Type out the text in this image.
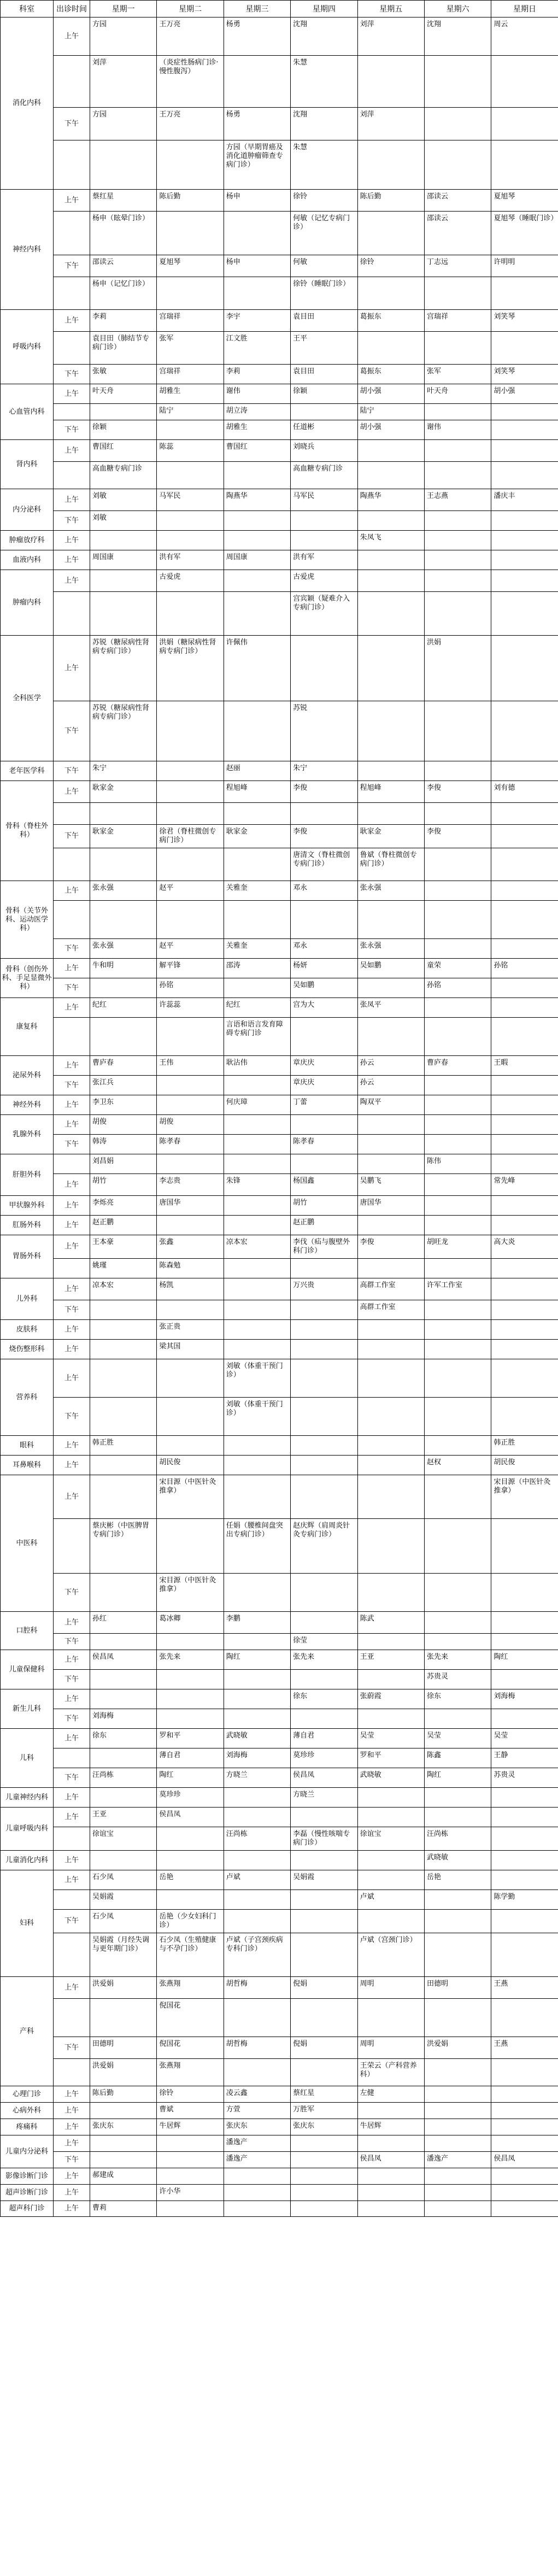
科室	出诊时间	星期一	星期二	星期三	星期四	星期五	星期六	星期日
消化内科	上午	方园	王万亮	杨勇	沈翔	刘萍	沈翔	周云
		刘萍	（炎症性肠病门诊·慢性腹泻）		朱慧			
	下午	方园	王万亮	杨勇	沈翔	刘萍		
				方园（早期胃癌及消化道肿瘤筛查专病门诊）	朱慧			
神经内科	上午	蔡红星	陈后勤	杨申	徐铃	陈后勤	邵读云	夏旭琴
		杨申（眩晕门诊）			何敏（记忆专病门诊）		邵读云	夏旭琴（睡眠门诊）
	下午	邵读云	夏旭琴	杨申	何敏	徐铃	丁志远	许明明
		杨申（记忆门诊）			徐铃（睡眠门诊）			
呼吸内科	上午	李莉	宫瑞祥	李宇	袁目田	葛振东	宫瑞祥	刘笑琴
		袁目田（肺结节专病门诊）	张军	江文胜	王平			
	下午	张敏	宫瑞祥	李莉	袁目田	葛振东	张军	刘笑琴
心血管内科	上午	叶天舟	胡雅生	谢伟	徐颖	胡小强	叶天舟	胡小强
			陆宁	胡立涛		陆宁		
	下午	徐颖		胡雅生	任道彬	胡小强	谢伟	
肾内科	上午	曹国红	陈蕊	曹国红	刘晓兵			
		高血糖专病门诊			高血糖专病门诊			
内分泌科	上午	刘敏	马军民	陶燕华	马军民	陶燕华	王志燕	潘庆丰
	下午	刘敏						
肿瘤放疗科	上午					朱凤飞		
血液内科	上午	周国康	洪有军	周国康	洪有军			
肿瘤内科	上午		古爱虎		古爱虎			
					宫宾颖（疑难介入专病门诊）			
全科医学	上午	苏锐（糖尿病性肾病专病门诊）	洪娟（糖尿病性肾病专病门诊）	许佩伟			洪娟	
	下午	苏锐（糖尿病性肾病专病门诊）			苏锐			
老年医学科	下午	朱宁		赵丽	朱宁			
骨科（脊柱外科）	上午	耿家金		程旭峰	李俊	程旭峰	李俊	刘有德

	下午	耿家金	徐君（脊柱微创专病门诊）	耿家金	李俊	耿家金	李俊	
					唐清文（脊柱微创专病门诊）	鲁斌（脊柱微创专病门诊）		
骨科（关节外科、运动医学科）	上午	张永强	赵平	关雅奎	邓永	张永强		

	下午	张永强	赵平	关雅奎	邓永	张永强		
骨科（创伤外科、手足显微外科）	上午	牛和明	解平锋	邵涛	杨妍	吴如鹏	童荣	孙铭
	下午		孙铭		吴如鹏		孙铭	
康复科	上午	纪红	许蕊蕊	纪红	宫为大	张凤平		
				言语和语言发育障碍专病门诊				
泌尿外科	上午	曹庐春	王伟	耿沾伟	章庆庆	孙云	曹庐春	王暇
	下午	张江兵			章庆庆	孙云		
神经外科	上午	李卫东		何庆璋	丁蕾	陶双平		
乳腺外科	上午	胡俊	胡俊					
	下午	韩涛	陈孝春		陈孝春			
肝胆外科		刘昌娟					陈伟	
	上午	胡竹	李志贵	朱锋	杨国鑫	吴鹏飞		常先峰
甲状腺外科	上午	李烁亮	唐国华		胡竹	唐国华		
肛肠外科	上午	赵正鹏			赵正鹏			
胃肠外科	上午	王本豪	张鑫	凉本宏	李伐（疝与腹壁外科门诊）	李俊	胡旺龙	高大炎
		姚瑾	陈森勉					
儿外科	上午	凉本宏	杨凯		万兴贵	高群工作室	许军工作室	
	下午					高群工作室		
皮肤科	上午		张正贵					
烧伤整形科	上午		梁其国					
营养科	上午			刘敏（体重干预门诊）				
	下午			刘敏（体重干预门诊）				
眼科	上午	韩正胜						韩正胜
耳鼻喉科	上午		胡民俊				赵权	胡民俊
中医科	上午		宋目源（中医针灸推拿）					宋目源（中医针灸推拿）
		蔡庆彬（中医脾胃专病门诊）		任娟（腰椎间盘突出专病门诊）	赵庆辉（肩周炎针灸专病门诊）			
	下午		宋目源（中医针灸推拿）					
口腔科	上午	孙红	葛冰卿	李鹏		陈武		
	下午				徐莹			
儿童保健科	上午	侯昌凤	张先来	陶红	张先来	王亚	张先来	陶红
	下午						苏贵灵	
新生儿科	上午				徐东	张蔚霞	徐东	刘海梅
	下午	刘海梅						
儿科	上午	徐东	罗和平	武晓敏	薄自君	吴莹	吴莹	吴莹
			薄自君	刘海梅	莫珍珍	罗和平	陈鑫	王静
	下午	汪尚栋	陶红	方晓兰	侯昌凤	武晓敏	陶红	苏贵灵
儿童神经内科	上午		莫珍珍		方晓兰			
儿童呼吸内科	上午	王亚	侯昌凤					
		徐谊宝		汪尚栋	李磊（慢性咳喘专病门诊）	徐谊宝	汪尚栋	
儿童消化内科	上午						武晓敏	
妇科	上午	石少凤	岳艳	卢斌	吴娟霞		岳艳	
		吴娟霞				卢斌		陈学勤
	下午	石少凤	岳艳（少女妇科门诊）					
		吴娟霞（月经失调与更年期门诊）	石少凤（生殖健康与不孕门诊）	卢斌（子宫颈疾病专科门诊）		卢斌（宫颈门诊）		
产科	上午	洪爱娟	张燕翔	胡哲梅	倪娟	周明	田德明	王燕
			倪国花					
	下午	田德明	倪国花	胡哲梅	倪娟	周明	洪爱娟	王燕
		洪爱娟	张燕翔			王荣云（产科营养科）		
心理门诊	上午	陈后勤	徐铃	凌云鑫	蔡红星	左健		
心病外科	上午		曹斌	方萱	万胜军			
疼痛科	上午	张庆东	牛居辉	张庆东	张庆东	牛居辉		
儿童内分泌科	上午			潘逸产				
	下午			潘逸产		侯昌凤	潘逸产	侯昌凤
影像诊断门诊	上午	郝建成						
超声诊断门诊	上午		许小华					
超声科门诊	上午	曹莉						
